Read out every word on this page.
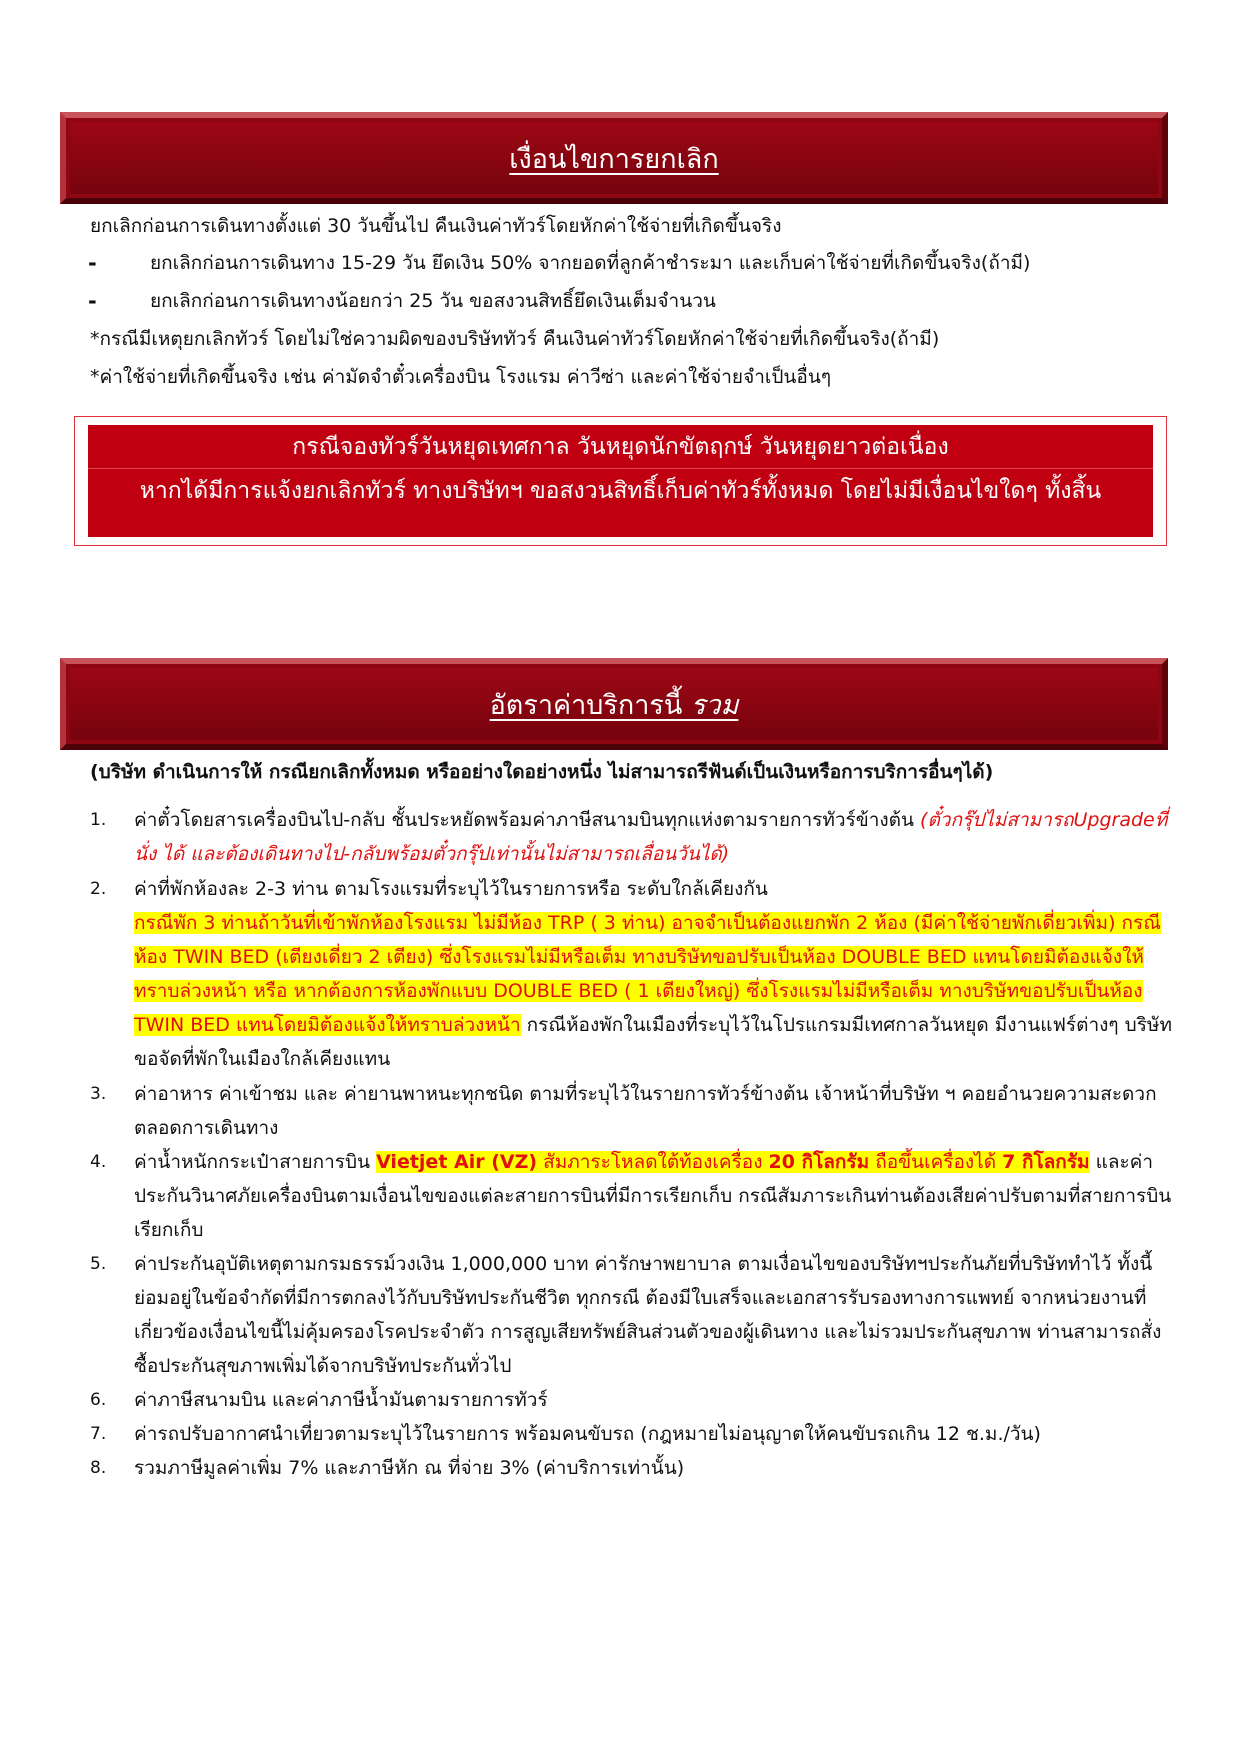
เงื่อนไขการยกเลิก
ยกเลิกก่อนการเดินทางตั้งแต่ 30 วันขึ้นไป คืนเงินค่าทัวร์โดยหักค่าใช้จ่ายที่เกิดขึ้นจริง
-	ยกเลิกก่อนการเดินทาง 15-29 วัน ยึดเงิน 50% จากยอดที่ลูกค้าชำระมา และเก็บค่าใช้จ่ายที่เกิดขึ้นจริง(ถ้ามี)
-	ยกเลิกก่อนการเดินทางน้อยกว่า 25 วัน ขอสงวนสิทธิ์ยึดเงินเต็มจำนวน
*กรณีมีเหตุยกเลิกทัวร์ โดยไม่ใช่ความผิดของบริษัททัวร์ คืนเงินค่าทัวร์โดยหักค่าใช้จ่ายที่เกิดขึ้นจริง(ถ้ามี)
*ค่าใช้จ่ายที่เกิดขึ้นจริง เช่น ค่ามัดจำตั๋วเครื่องบิน โรงแรม ค่าวีซ่า และค่าใช้จ่ายจำเป็นอื่นๆ
กรณีจองทัวร์วันหยุดเทศกาล วันหยุดนักขัตฤกษ์ วันหยุดยาวต่อเนื่อง
หากได้มีการแจ้งยกเลิกทัวร์ ทางบริษัทฯ ขอสงวนสิทธิ์เก็บค่าทัวร์ทั้งหมด โดยไม่มีเงื่อนไขใดๆ ทั้งสิ้น
อัตราค่าบริการนี้ รวม
(บริษัท ดำเนินการให้ กรณียกเลิกทั้งหมด หรืออย่างใดอย่างหนึ่ง ไม่สามารถรีฟันด์เป็นเงินหรือการบริการอื่นๆได้)
1. ค่าตั๋วโดยสารเครื่องบินไป-กลับ ชั้นประหยัดพร้อมค่าภาษีสนามบินทุกแห่งตามรายการทัวร์ข้างต้น (ตั๋วกรุ๊ปไม่สามารถUpgradeที่นั่ง ได้ และต้องเดินทางไป-กลับพร้อมตั๋วกรุ๊ปเท่านั้นไม่สามารถเลื่อนวันได้)
2. ค่าที่พักห้องละ 2-3 ท่าน ตามโรงแรมที่ระบุไว้ในรายการหรือ ระดับใกล้เคียงกัน
กรณีพัก 3 ท่านถ้าวันที่เข้าพักห้องโรงแรม ไม่มีห้อง TRP ( 3 ท่าน) อาจจำเป็นต้องแยกพัก 2 ห้อง (มีค่าใช้จ่ายพักเดี่ยวเพิ่ม) กรณีห้อง TWIN BED (เตียงเดี่ยว 2 เตียง) ซึ่งโรงแรมไม่มีหรือเต็ม ทางบริษัทขอปรับเป็นห้อง DOUBLE BED แทนโดยมิต้องแจ้งให้ทราบล่วงหน้า หรือ หากต้องการห้องพักแบบ DOUBLE BED ( 1 เตียงใหญ่) ซึ่งโรงแรมไม่มีหรือเต็ม ทางบริษัทขอปรับเป็นห้อง TWIN BED แทนโดยมิต้องแจ้งให้ทราบล่วงหน้า กรณีห้องพักในเมืองที่ระบุไว้ในโปรแกรมมีเทศกาลวันหยุด มีงานแฟร์ต่างๆ บริษัทขอจัดที่พักในเมืองใกล้เคียงแทน
3. ค่าอาหาร ค่าเข้าชม และ ค่ายานพาหนะทุกชนิด ตามที่ระบุไว้ในรายการทัวร์ข้างต้น เจ้าหน้าที่บริษัท ฯ คอยอำนวยความสะดวกตลอดการเดินทาง
4. ค่าน้ำหนักกระเป๋าสายการบิน Vietjet Air (VZ) สัมภาระโหลดใต้ท้องเครื่อง 20 กิโลกรัม ถือขึ้นเครื่องได้ 7 กิโลกรัม และค่าประกันวินาศภัยเครื่องบินตามเงื่อนไขของแต่ละสายการบินที่มีการเรียกเก็บ กรณีสัมภาระเกินท่านต้องเสียค่าปรับตามที่สายการบินเรียกเก็บ
5. ค่าประกันอุบัติเหตุตามกรมธรรม์วงเงิน 1,000,000 บาท ค่ารักษาพยาบาล ตามเงื่อนไขของบริษัทฯประกันภัยที่บริษัททำไว้ ทั้งนี้ย่อมอยู่ในข้อจำกัดที่มีการตกลงไว้กับบริษัทประกันชีวิต ทุกกรณี ต้องมีใบเสร็จและเอกสารรับรองทางการแพทย์ จากหน่วยงานที่เกี่ยวข้องเงื่อนไขนี้ไม่คุ้มครองโรคประจำตัว การสูญเสียทรัพย์สินส่วนตัวของผู้เดินทาง และไม่รวมประกันสุขภาพ ท่านสามารถสั่งซื้อประกันสุขภาพเพิ่มได้จากบริษัทประกันทั่วไป
6. ค่าภาษีสนามบิน และค่าภาษีน้ำมันตามรายการทัวร์
7. ค่ารถปรับอากาศนำเที่ยวตามระบุไว้ในรายการ พร้อมคนขับรถ (กฎหมายไม่อนุญาตให้คนขับรถเกิน 12 ช.ม./วัน)
8. รวมภาษีมูลค่าเพิ่ม 7% และภาษีหัก ณ ที่จ่าย 3% (ค่าบริการเท่านั้น)
